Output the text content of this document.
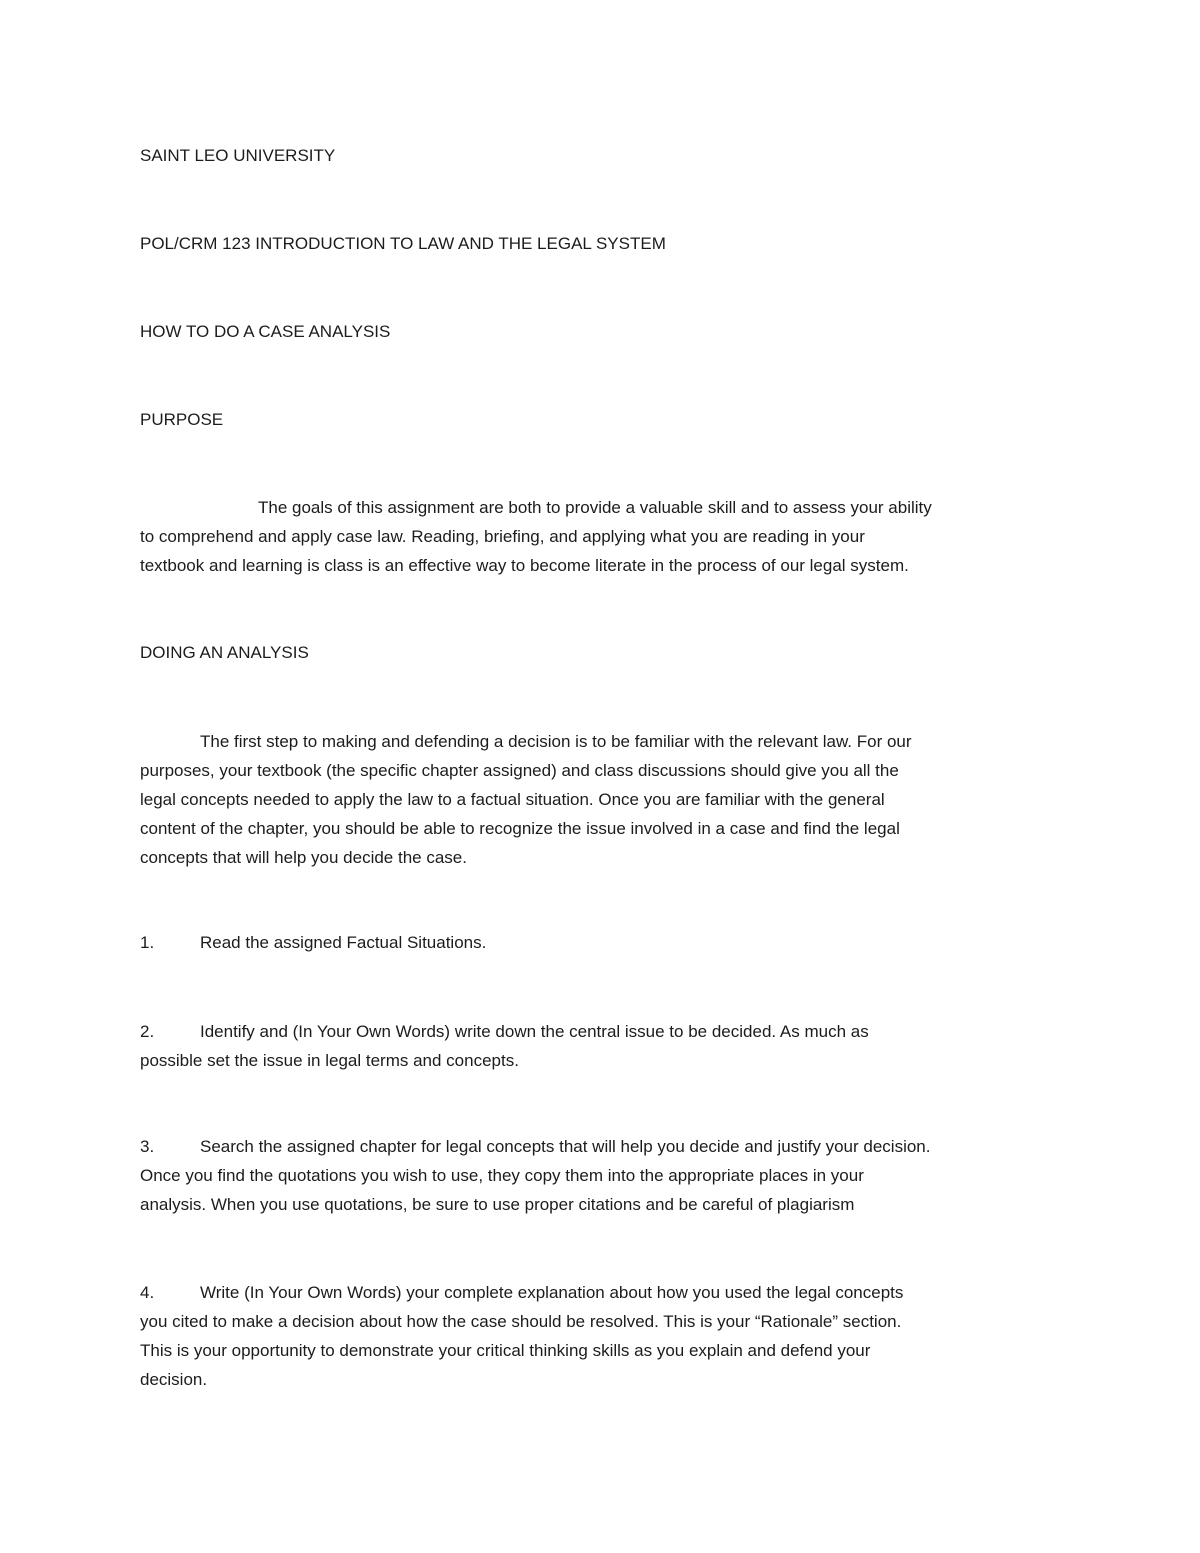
SAINT LEO UNIVERSITY

POL/CRM 123 INTRODUCTION TO LAW AND THE LEGAL SYSTEM

HOW TO DO A CASE ANALYSIS

PURPOSE

The goals of this assignment are both to provide a valuable skill and to assess your ability
to comprehend and apply case law. Reading, briefing, and applying what you are reading in your
textbook and learning is class is an effective way to become literate in the process of our legal system.

DOING AN ANALYSIS

The first step to making and defending a decision is to be familiar with the relevant law. For our
purposes, your textbook (the specific chapter assigned) and class discussions should give you all the
legal concepts needed to apply the law to a factual situation. Once you are familiar with the general
content of the chapter, you should be able to recognize the issue involved in a case and find the legal
concepts that will help you decide the case.
1.	Read the assigned Factual Situations.
2.	Identify and (In Your Own Words) write down the central issue to be decided. As much as
possible set the issue in legal terms and concepts.
3.	Search the assigned chapter for legal concepts that will help you decide and justify your decision.
Once you find the quotations you wish to use, they copy them into the appropriate places in your
analysis. When you use quotations, be sure to use proper citations and be careful of plagiarism
4.	Write (In Your Own Words) your complete explanation about how you used the legal concepts
you cited to make a decision about how the case should be resolved. This is your “Rationale” section.
This is your opportunity to demonstrate your critical thinking skills as you explain and defend your
decision.
